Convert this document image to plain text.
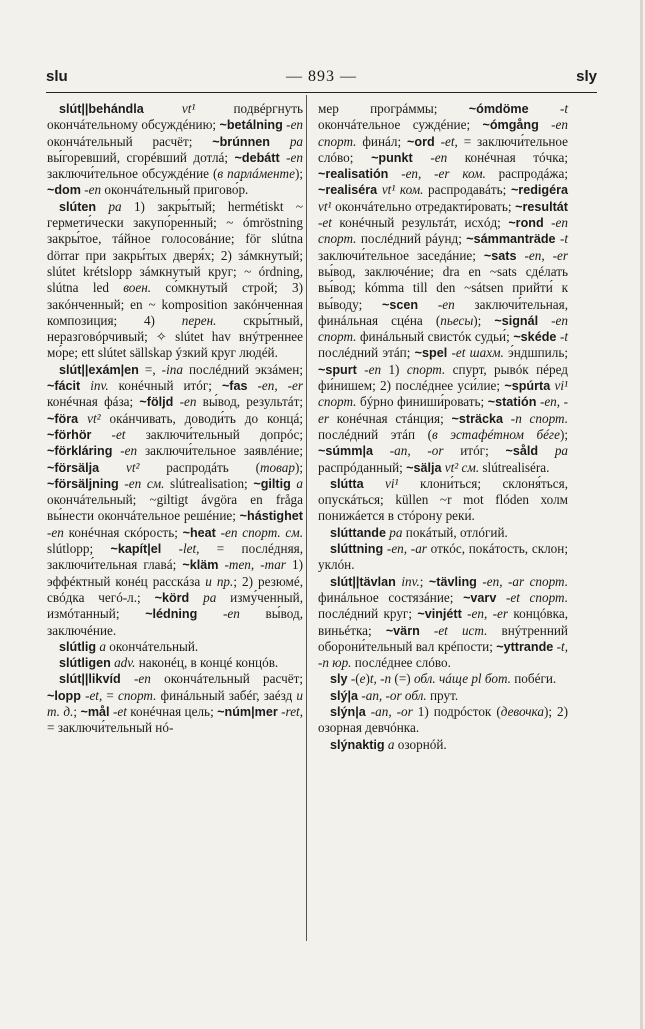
slu	— 893 —	sly

slút||behándla	vt¹ подвéргнуть окончáтельному обсуждéнию; ~betálning -en окончáтельный расчёт; ~brúnnen pa вы́горевший, сгорéвший дотлá; ~debátt -en заключи́тельное обсуждéние (в парлáменте); ~dom -en окончáтельный пригово́р.

slúten pa 1) закры́тый; hermétiskt ~ гермети́чески закупо́ренный; ~ ómröstning закры́тое, тáйное голосовáние; för slútna dörrar при закры́тых дверя́х; 2) зáмкнутый; slútet krétslopp зáмкнутый круг; ~ órdning, slútna led воен. со́мкнутый строй; 3) закóнченный; en ~ komposition закóнченная композиция; 4) перен. скры́тный, неразговóрчивый; ✧ slútet hav внýтреннее мо́ре; ett slútet sällskap ýзкий круг людéй.

slút||exám|en =, -ina послéдний экзáмен; ~fácit inv. конéчный итóг; ~fas -en, -er конéчная фáза; ~följd -en вы́вод, результáт; ~föra vt² окáнчивать, доводи́ть до концá; ~förhör -et заключи́тельный допрóс; ~förkláring -en заключи́тельное заявлéние; ~försälja vt² распродáть (товар); ~försäljning -en см. slútrealisation; ~giltig a окончáтельный; ~giltigt ávgöra en fråga вы́нести окончáтельное решéние; ~hástighet -en конéчная скóрость; ~heat -en спорт. см. slútlopp; ~kapít|el -let, = послéдняя, заключи́тельная главá; ~kläm -men, -mar 1) эффéктный конéц расскáза и пр.; 2) резюмé, свóдка чегó-л.; ~körd pa изму́ченный, измóтанный; ~lédning -en вы́вод, заключéние.

slútlig a окончáтельный.

slútligen adv. наконéц, в концé концóв.

slút||likvíd -en окончáтельный расчёт; ~lopp -et, = спорт. финáльный забéг, заéзд и т. д.; ~mål -et конéчная цель; ~núm|mer -ret, = заключи́тельный нó-

мер прогрáммы; ~ómdöme -t окончáтельное суждéние; ~ómgång -en спорт. финáл; ~ord -et, = заключи́тельное слóво; ~punkt -en конéчная тóчка; ~realisatión -en, -er ком. распродáжа; ~realiséra vt¹ ком. распродавáть; ~redigéra vt¹ окончáтельно отредакти́ровать; ~resultát -et конéчный результáт, исхóд; ~rond -en спорт. послéдний рáунд; ~sámmanträde -t заключи́тельное заседáние; ~sats -en, -er вы́вод, заключéние; dra en ~sats сдéлать вы́вод; kómma till den ~sátsen прийти́ к вы́воду; ~scen -en заключи́тельная, финáльная сцéна (пьесы); ~signál -en спорт. финáльный свистóк судьи́; ~skéde -t послéдний этáп; ~spel -et шахм. э́ндшпиль; ~spurt -en 1) спорт. спурт, рывóк пéред фи́нишем; 2) послéднее уси́лие; ~spúrta vi¹ спорт. бýрно финиши́ровать; ~statión -en, -er конéчная стáнция; ~sträcka -n спорт. послéдний этáп (в эстафéтном бéге); ~súmm|a -an, -or итóг; ~såld pa распрóданный; ~sälja vt² см. slútrealiséra.

slútta vi¹ клони́ться; склоня́ться, опускáться; küllen ~r mot flóden холм понижáется в стóрону реки́.

slúttande pa покáтый, отлóгий.

slúttning -en, -ar откóс, покáтость, склон; уклóн.

slút||tävlan inv.; ~tävling -en, -ar спорт. финáльное состязáние; ~varv -et спорт. послéдний круг; ~vinjétt -en, -er концóвка, виньéтка; ~värn -et ист. внýтренний оборони́тельный вал крéпости; ~yttrande -t, -n юр. послéднее слóво.

sly -(e)t, -n (=) обл. чáще pl бот. побéги.

slý|a -an, -or обл. прут.

slýn|a -an, -or 1) подрóсток (девочка); 2) озорная девчóнка.

slýnaktig a озорнóй.
